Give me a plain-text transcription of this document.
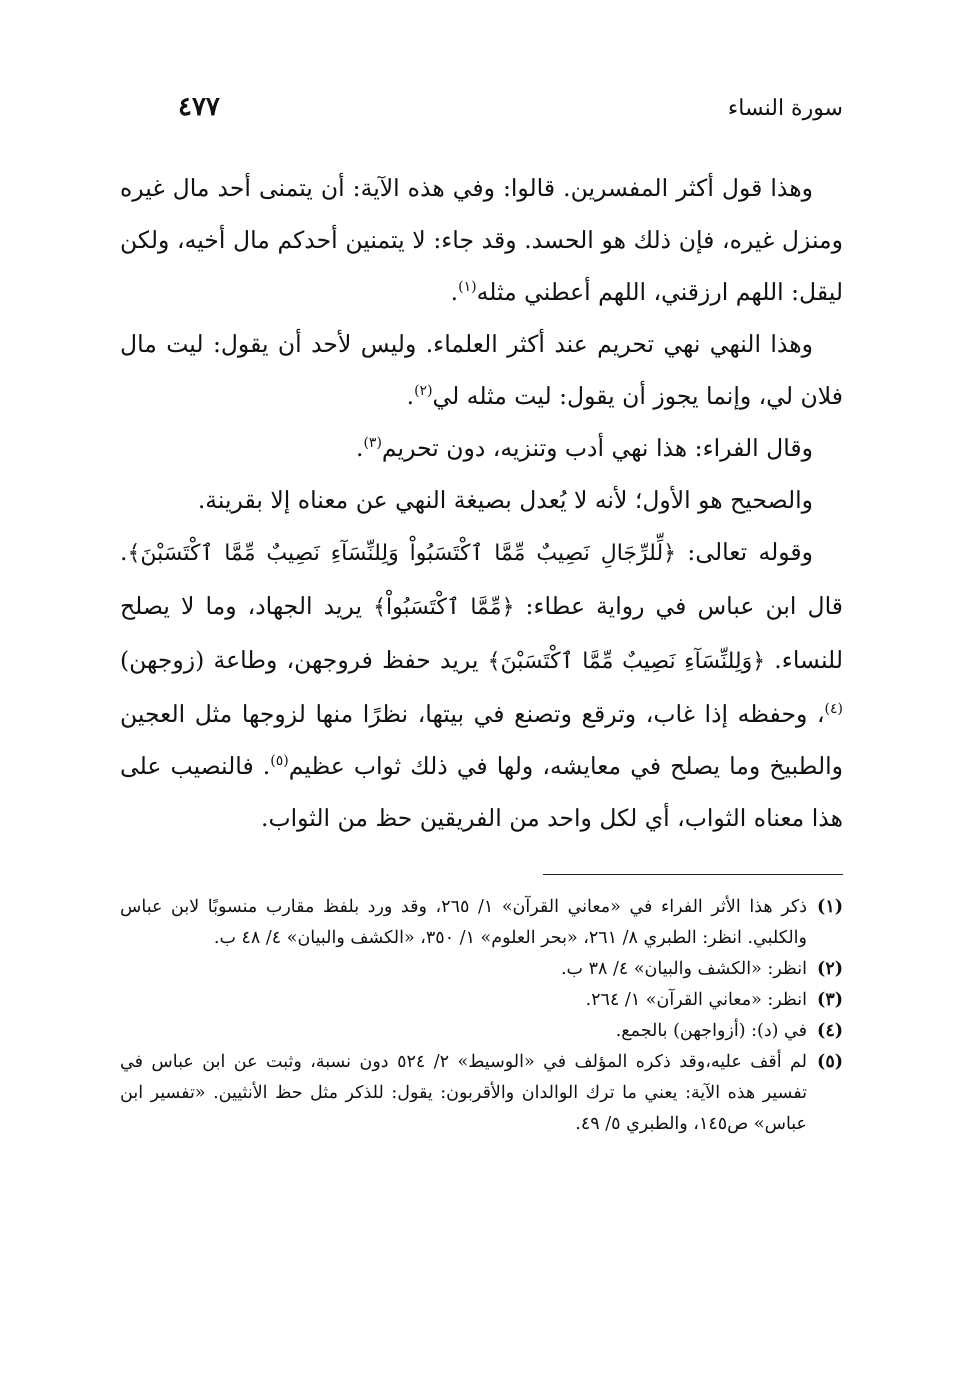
سورة النساء
٤٧٧

وهذا قول أكثر المفسرين. قالوا: وفي هذه الآية: أن يتمنى أحد مال غيره ومنزل غيره، فإن ذلك هو الحسد. وقد جاء: لا يتمنين أحدكم مال أخيه، ولكن ليقل: اللهم ارزقني، اللهم أعطني مثله$^{(١)}$.

وهذا النهي نهي تحريم عند أكثر العلماء. وليس لأحد أن يقول: ليت مال فلان لي، وإنما يجوز أن يقول: ليت مثله لي$^{(٢)}$.

وقال الفراء: هذا نهي أدب وتنزيه، دون تحريم$^{(٣)}$.

والصحيح هو الأول؛ لأنه لا يُعدل بصيغة النهي عن معناه إلا بقرينة.

وقوله تعالى: ﴿لِّلرِّجَالِ نَصِيبٌ مِّمَّا ٱكْتَسَبُواْ وَلِلنِّسَآءِ نَصِيبٌ مِّمَّا ٱكْتَسَبْنَ﴾. قال ابن عباس في رواية عطاء: ﴿مِّمَّا ٱكْتَسَبُواْ﴾ يريد الجهاد، وما لا يصلح للنساء. ﴿وَلِلنِّسَآءِ نَصِيبٌ مِّمَّا ٱكْتَسَبْنَ﴾ يريد حفظ فروجهن، وطاعة (زوجهن)$^{(٤)}$، وحفظه إذا غاب، وترقع وتصنع في بيتها، نظرًا منها لزوجها مثل العجين والطبيخ وما يصلح في معايشه، ولها في ذلك ثواب عظيم$^{(٥)}$. فالنصيب على هذا معناه الثواب، أي لكل واحد من الفريقين حظ من الثواب.

(١)
ذكر هذا الأثر الفراء في «معاني القرآن» ١/ ٢٦٥، وقد ورد بلفظ مقارب منسوبًا لابن عباس والكلبي. انظر: الطبري ٨/ ٢٦١، «بحر العلوم» ١/ ٣٥٠، «الكشف والبيان» ٤/ ٤٨ ب.
(٢)
انظر: «الكشف والبيان» ٤/ ٣٨ ب.
(٣)
انظر: «معاني القرآن» ١/ ٢٦٤.
(٤)
في (د): (أزواجهن) بالجمع.
(٥)
لم أقف عليه،وقد ذكره المؤلف في «الوسيط» ٢/ ٥٢٤ دون نسبة، وثبت عن ابن عباس في تفسير هذه الآية: يعني ما ترك الوالدان والأقربون: يقول: للذكر مثل حظ الأنثيين. «تفسير ابن عباس» ص١٤٥، والطبري ٥/ ٤٩.
